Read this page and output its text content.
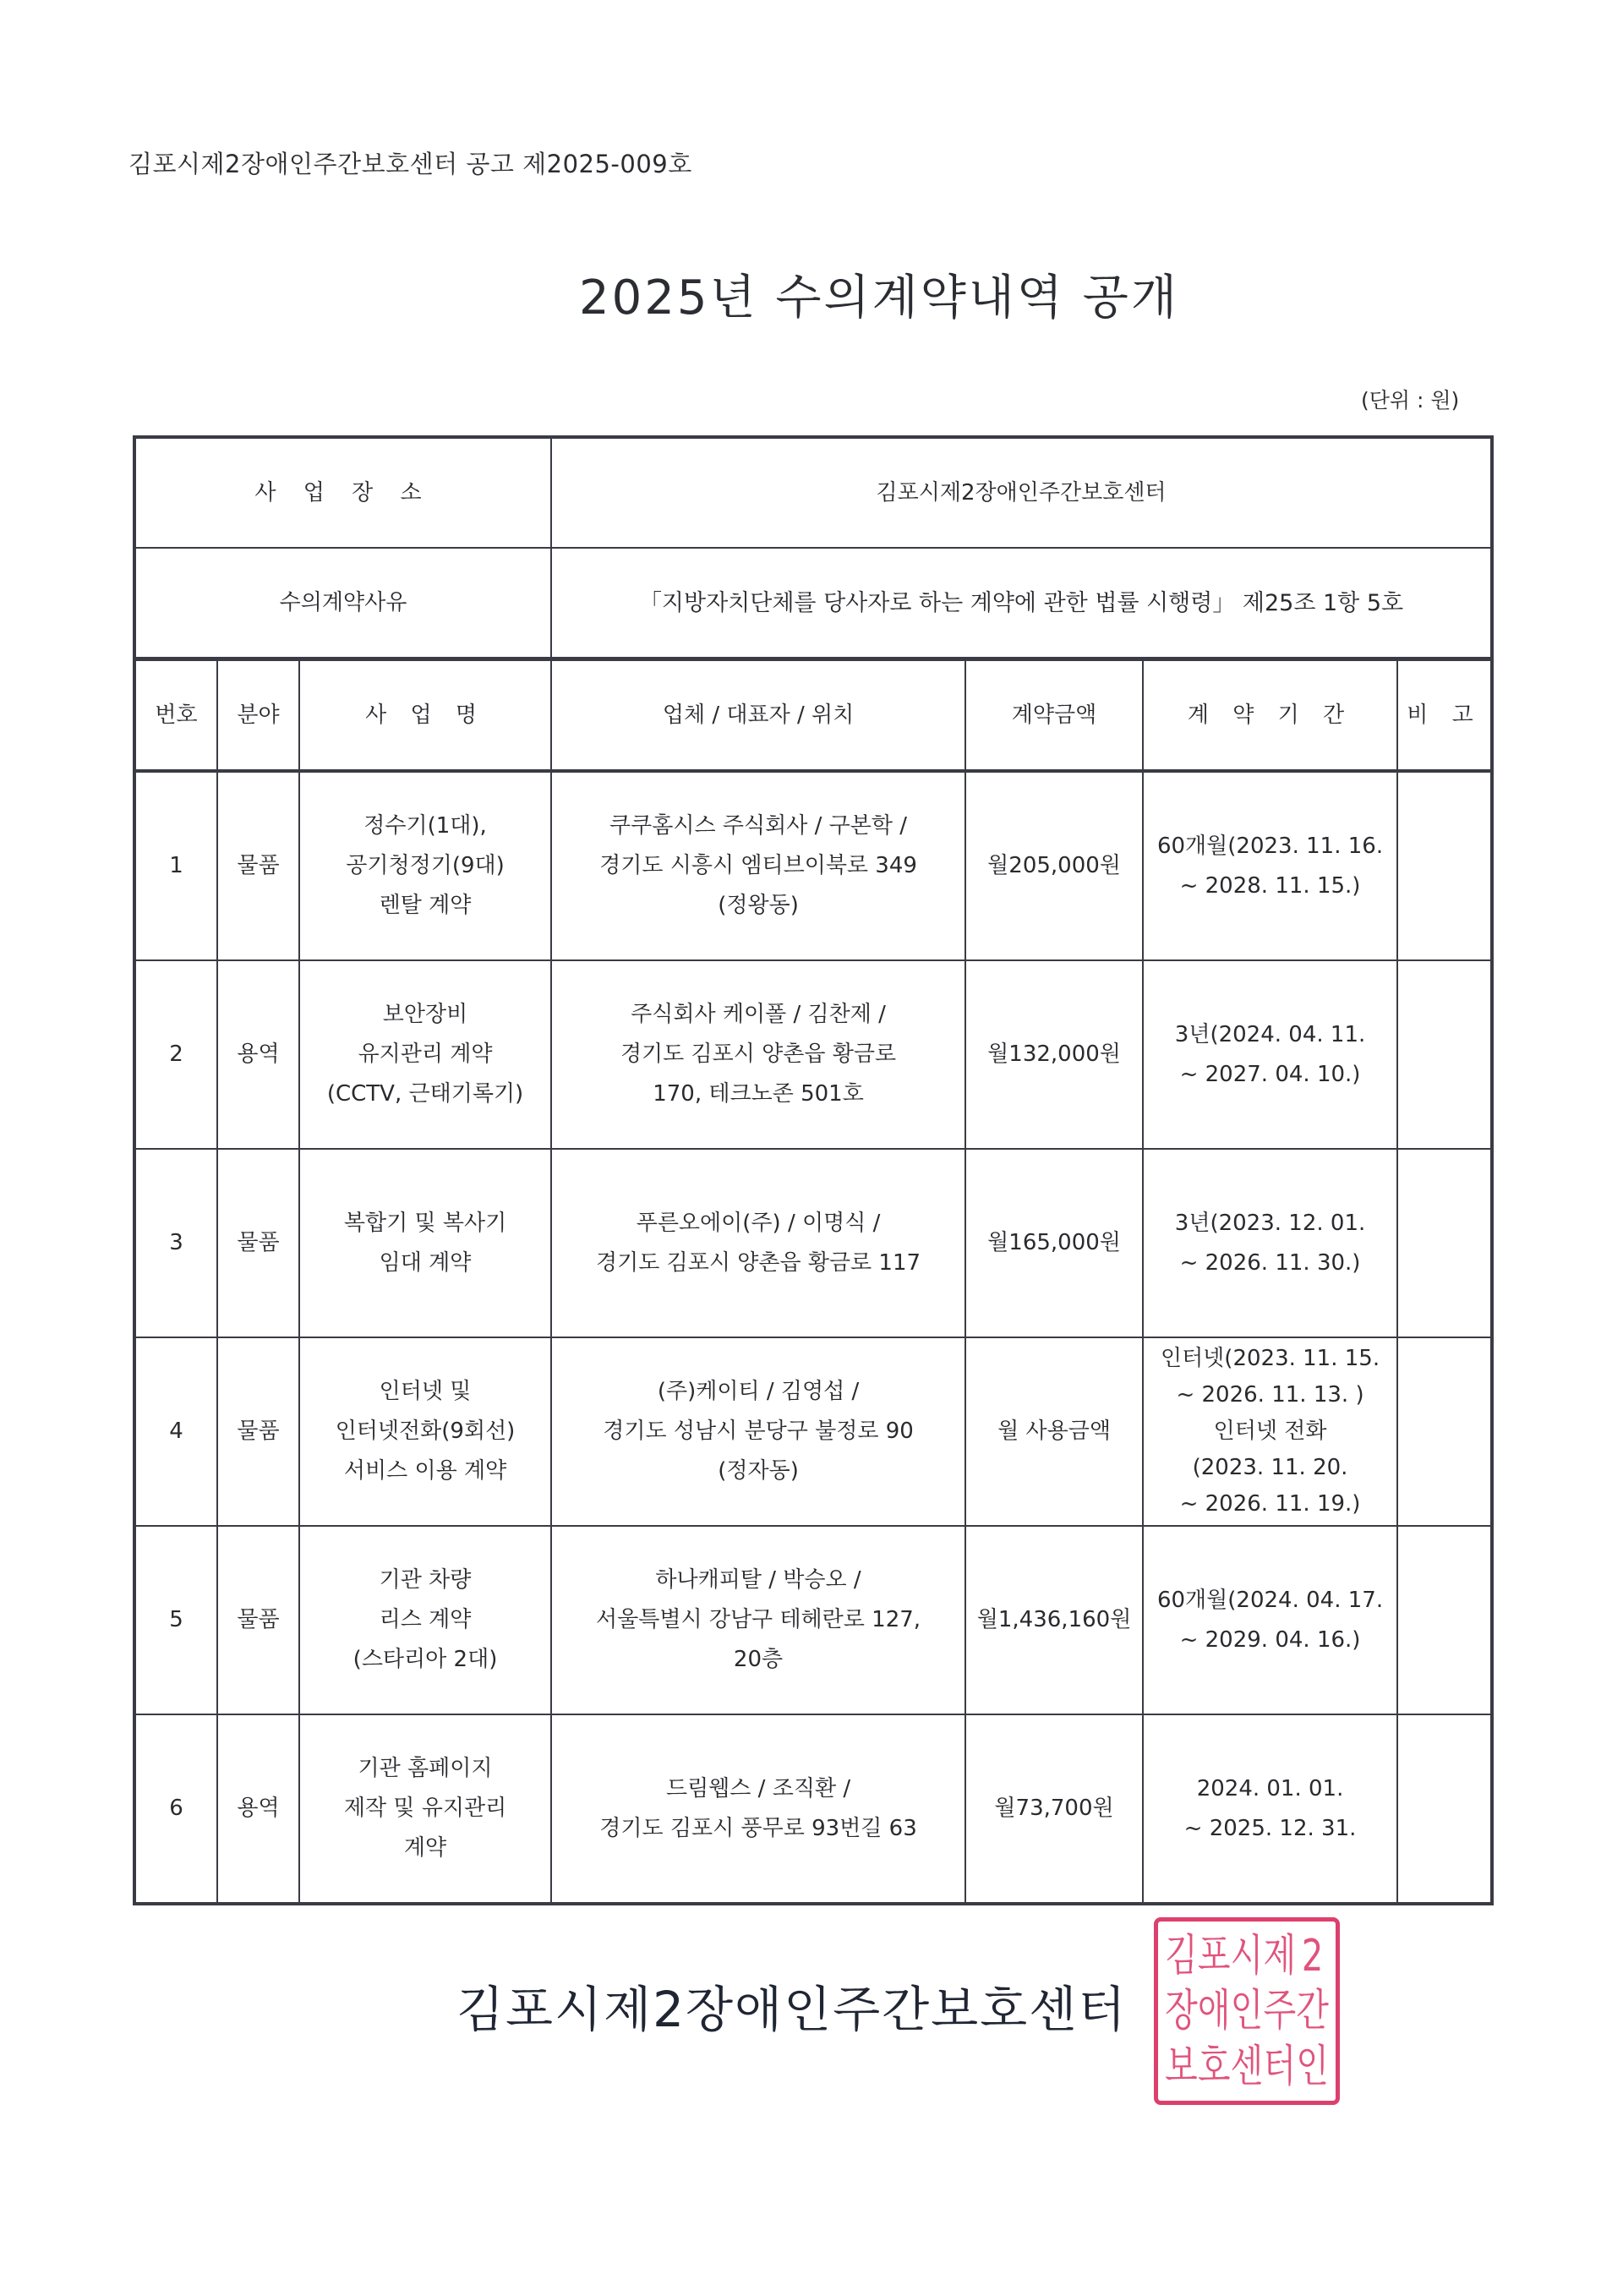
김포시제2장애인주간보호센터 공고 제2025-009호
2025년 수의계약내역 공개
(단위 : 원)
사 업 장 소			김포시제2장애인주간보호센터			
수의계약사유			「지방자치단체를 당사자로 하는 계약에 관한 법률 시행령」 제25조 1항 5호			
번호	분야	사 업 명	업체 / 대표자 / 위치	계약금액	계 약 기 간	비 고
1	물품	정수기(1대),
공기청정기(9대)
렌탈 계약	쿠쿠홈시스 주식회사 / 구본학 /
경기도 시흥시 엠티브이북로 349
(정왕동)	월205,000원	60개월(2023. 11. 16.
~ 2028. 11. 15.)	

2	용역	보안장비
유지관리 계약
(CCTV, 근태기록기)	주식회사 케이폴 / 김찬제 /
경기도 김포시 양촌읍 황금로
170, 테크노존 501호	월132,000원	3년(2024. 04. 11.
~ 2027. 04. 10.)	

3	물품	복합기 및 복사기
임대 계약	푸른오에이(주) / 이명식 /
경기도 김포시 양촌읍 황금로 117	월165,000원	3년(2023. 12. 01.
~ 2026. 11. 30.)	

4	물품	인터넷 및
인터넷전화(9회선)
서비스 이용 계약	(주)케이티 / 김영섭 /
경기도 성남시 분당구 불정로 90
(정자동)	월 사용금액	인터넷(2023. 11. 15.
~ 2026. 11. 13. )
인터넷 전화
(2023. 11. 20.
~ 2026. 11. 19.)	

5	물품	기관 차량
리스 계약
(스타리아 2대)	하나캐피탈 / 박승오 /
서울특별시 강남구 테헤란로 127,
20층	월1,436,160원	60개월(2024. 04. 17.
~ 2029. 04. 16.)	

6	용역	기관 홈페이지
제작 및 유지관리
계약	드림웹스 / 조직환 /
경기도 김포시 풍무로 93번길 63	월73,700원	2024. 01. 01.
~ 2025. 12. 31.	

김포시제2장애인주간보호센터
김 포 시 제 2
장 애 인 주 간
보 호 센 터 인
